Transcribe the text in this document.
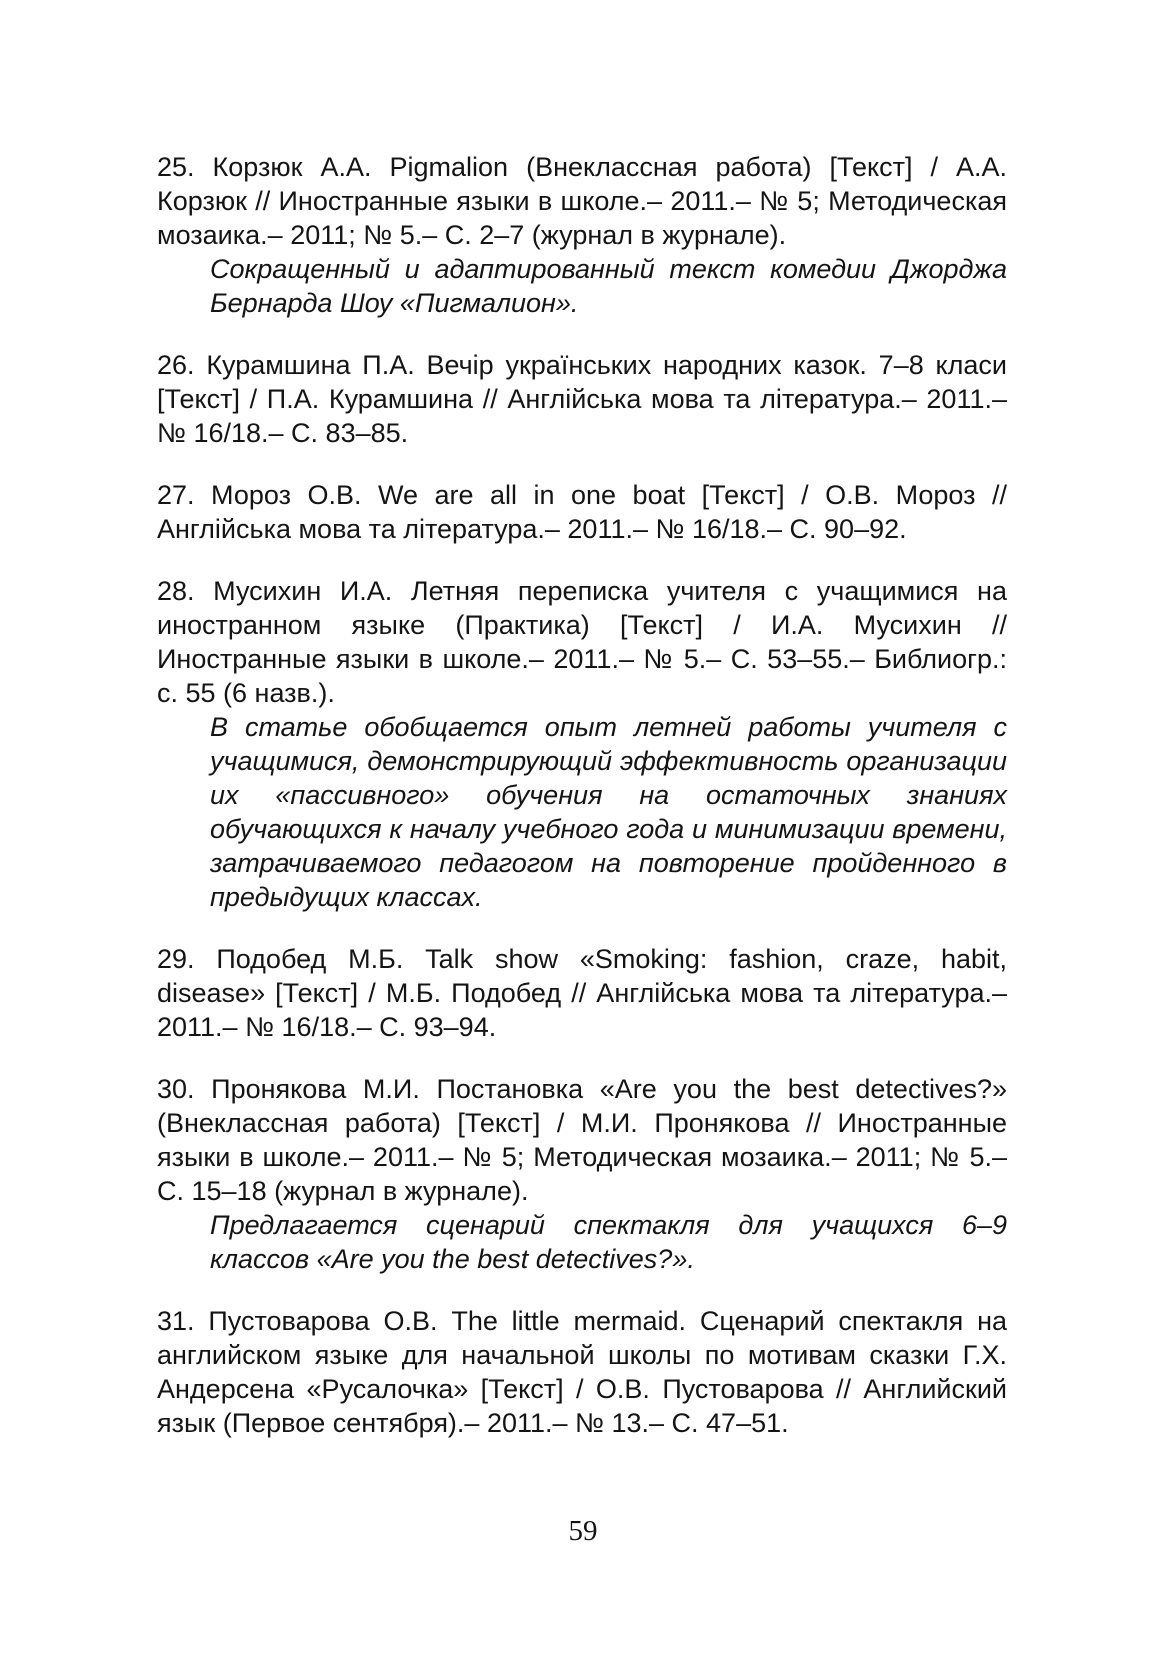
25. Корзюк А.А. Pigmalion (Внеклассная работа) [Текст] / А.А. Корзюк // Иностранные языки в школе.– 2011.– № 5; Методическая мозаика.– 2011; № 5.– С. 2–7 (журнал в журнале).

Сокращенный и адаптированный текст комедии Джорджа Бернарда Шоу «Пигмалион».

26. Курамшина П.А. Вечір українських народних казок. 7–8 класи [Текст] / П.А. Курамшина // Англійська мова та література.– 2011.– № 16/18.– С. 83–85.

27. Мороз О.В. We are all in one boat [Текст] / О.В. Мороз // Англійська мова та література.– 2011.– № 16/18.– С. 90–92.

28. Мусихин И.А. Летняя переписка учителя с учащимися на иностранном языке (Практика) [Текст] / И.А. Мусихин // Иностранные языки в школе.– 2011.– № 5.– С. 53–55.– Библиогр.: с. 55 (6 назв.).

В статье обобщается опыт летней работы учителя с учащимися, демонстрирующий эффективность организации их «пассивного» обучения на остаточных знаниях обучающихся к началу учебного года и минимизации времени, затрачиваемого педагогом на повторение пройденного в предыдущих классах.

29. Подобед М.Б. Talk show «Smoking: fashion, craze, habit, disease» [Текст] / М.Б. Подобед // Англійська мова та література.– 2011.– № 16/18.– С. 93–94.

30. Пронякова М.И. Постановка «Are you the best detectives?» (Внеклассная работа) [Текст] / М.И. Пронякова // Иностранные языки в школе.– 2011.– № 5; Методическая мозаика.– 2011; № 5.– С. 15–18 (журнал в журнале).

Предлагается сценарий спектакля для учащихся 6–9 классов «Are you the best detectives?».

31. Пустоварова О.В. The little mermaid. Сценарий спектакля на английском языке для начальной школы по мотивам сказки Г.Х. Андерсена «Русалочка» [Текст] / О.В. Пустоварова // Английский язык (Первое сентября).– 2011.– № 13.– С. 47–51.

59
